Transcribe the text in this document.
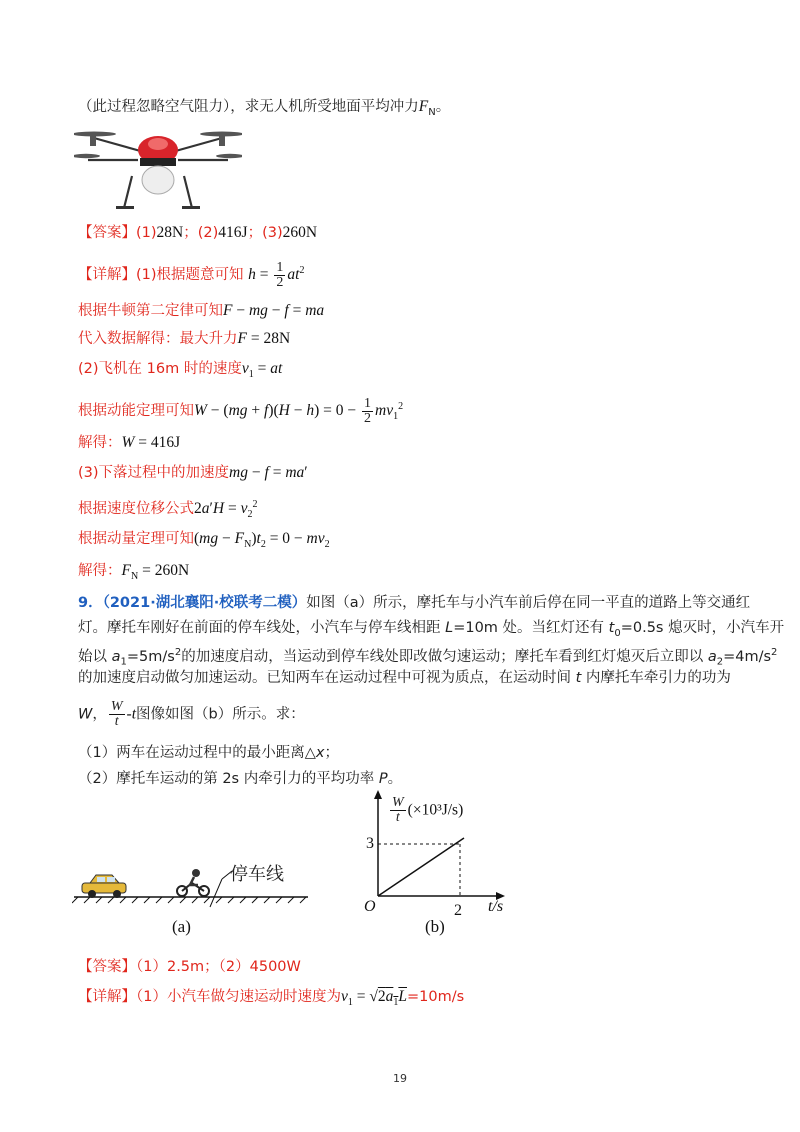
（此过程忽略空气阻力），求无人机所受地面平均冲力$F_N$。
【答案】(1)28N；(2)416J；(3)260N
【详解】(1)根据题意可知 $h = \frac{1}{2} at^2$
根据牛顿第二定律可知F − mg − f = ma
代入数据解得：最大升力F = 28N
(2)飞机在 16m 时的速度$v_1$ = at
根据动能定理可知$W - (mg + f)(H - h) = 0 - \frac{1}{2} mv_1^2$
解得：W = 416J
(3)下落过程中的加速度mg − f = ma′
根据速度位移公式$2a'H = v_2^2$
根据动量定理可知$(mg - F_N)t_2 = 0 - mv_2$
解得：$F_N = 260N$
9．（2021·湖北襄阳·校联考二模）如图（a）所示，摩托车与小汽车前后停在同一平直的道路上等交通红
灯。摩托车刚好在前面的停车线处，小汽车与停车线相距 L=10m 处。当红灯还有 $t_0=0.5s$ 熄灭时，小汽车开
始以 $a_1=5m/s^2$的加速度启动，当运动到停车线处即改做匀速运动；摩托车看到红灯熄灭后立即以 $a_2=4m/s^2$
的加速度启动做匀加速运动。已知两车在运动过程中可视为质点，在运动时间 t 内摩托车牵引力的功为
W， $\frac{W}{t} -t$图像如图（b）所示。求：
（1）两车在运动过程中的最小距离△x；
（2）摩托车运动的第 2s 内牵引力的平均功率 P。
停车线
(a)
$\frac{W}{t} (\times 10^3J/s)$
3
2
O	t/s
(b)
【答案】（1）2.5m；（2）4500W
【详解】（1）小汽车做匀速运动时速度为$v_1 = √2a_1L=10m/s$
19
